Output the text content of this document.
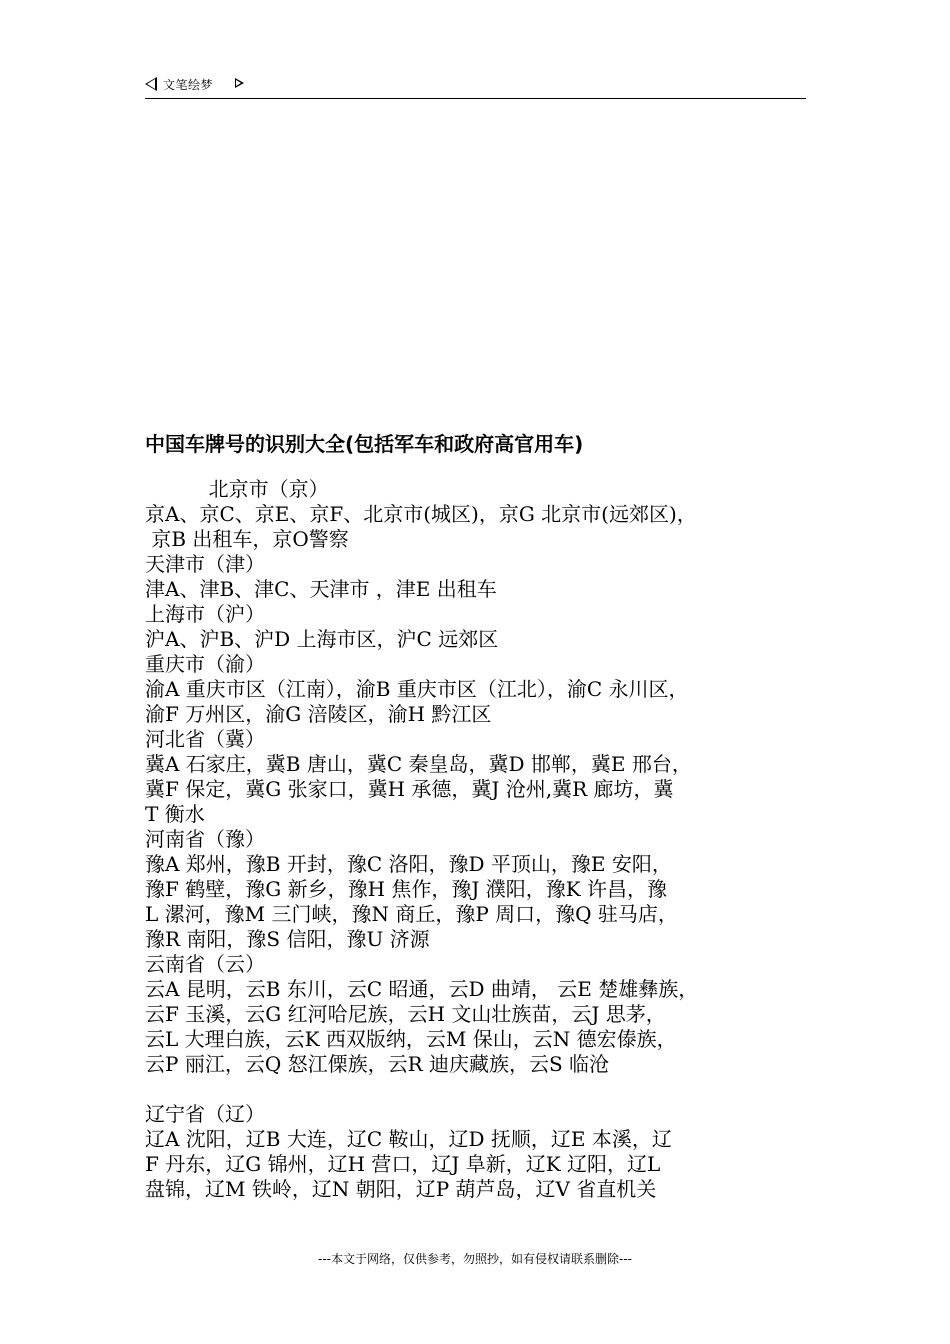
文笔绘梦
中国车牌号的识别大全(包括军车和政府高官用车)
北京市（京）
京A、京C、京E、京F、北京市(城区)，京G 北京市(远郊区)，
京B 出租车，京O警察
天津市（津）
津A、津B、津C、天津市 ，津E 出租车
上海市（沪）
沪A、沪B、沪D 上海市区，沪C 远郊区
重庆市（渝）
渝A 重庆市区（江南），渝B 重庆市区（江北），渝C 永川区，
渝F 万州区，渝G 涪陵区，渝H 黔江区
河北省（冀）
冀A 石家庄，冀B 唐山，冀C 秦皇岛，冀D 邯郸，冀E 邢台，
冀F 保定，冀G 张家口，冀H 承德，冀J 沧州,冀R 廊坊，冀
T 衡水
河南省（豫）
豫A 郑州，豫B 开封，豫C 洛阳，豫D 平顶山，豫E 安阳，
豫F 鹤壁，豫G 新乡，豫H 焦作，豫J 濮阳，豫K 许昌，豫
L 漯河，豫M 三门峡，豫N 商丘，豫P 周口，豫Q 驻马店，
豫R 南阳，豫S 信阳，豫U 济源
云南省（云）
云A 昆明，云B 东川，云C 昭通，云D 曲靖， 云E 楚雄彝族，
云F 玉溪，云G 红河哈尼族，云H 文山壮族苗，云J 思茅，
云L 大理白族，云K 西双版纳，云M 保山，云N 德宏傣族，
云P 丽江，云Q 怒江傈族，云R 迪庆藏族，云S 临沧
辽宁省（辽）
辽A 沈阳，辽B 大连，辽C 鞍山，辽D 抚顺，辽E 本溪，辽
F 丹东，辽G 锦州，辽H 营口，辽J 阜新，辽K 辽阳，辽L
盘锦，辽M 铁岭，辽N 朝阳，辽P 葫芦岛，辽V 省直机关
---本文于网络，仅供参考，勿照抄，如有侵权请联系删除---
